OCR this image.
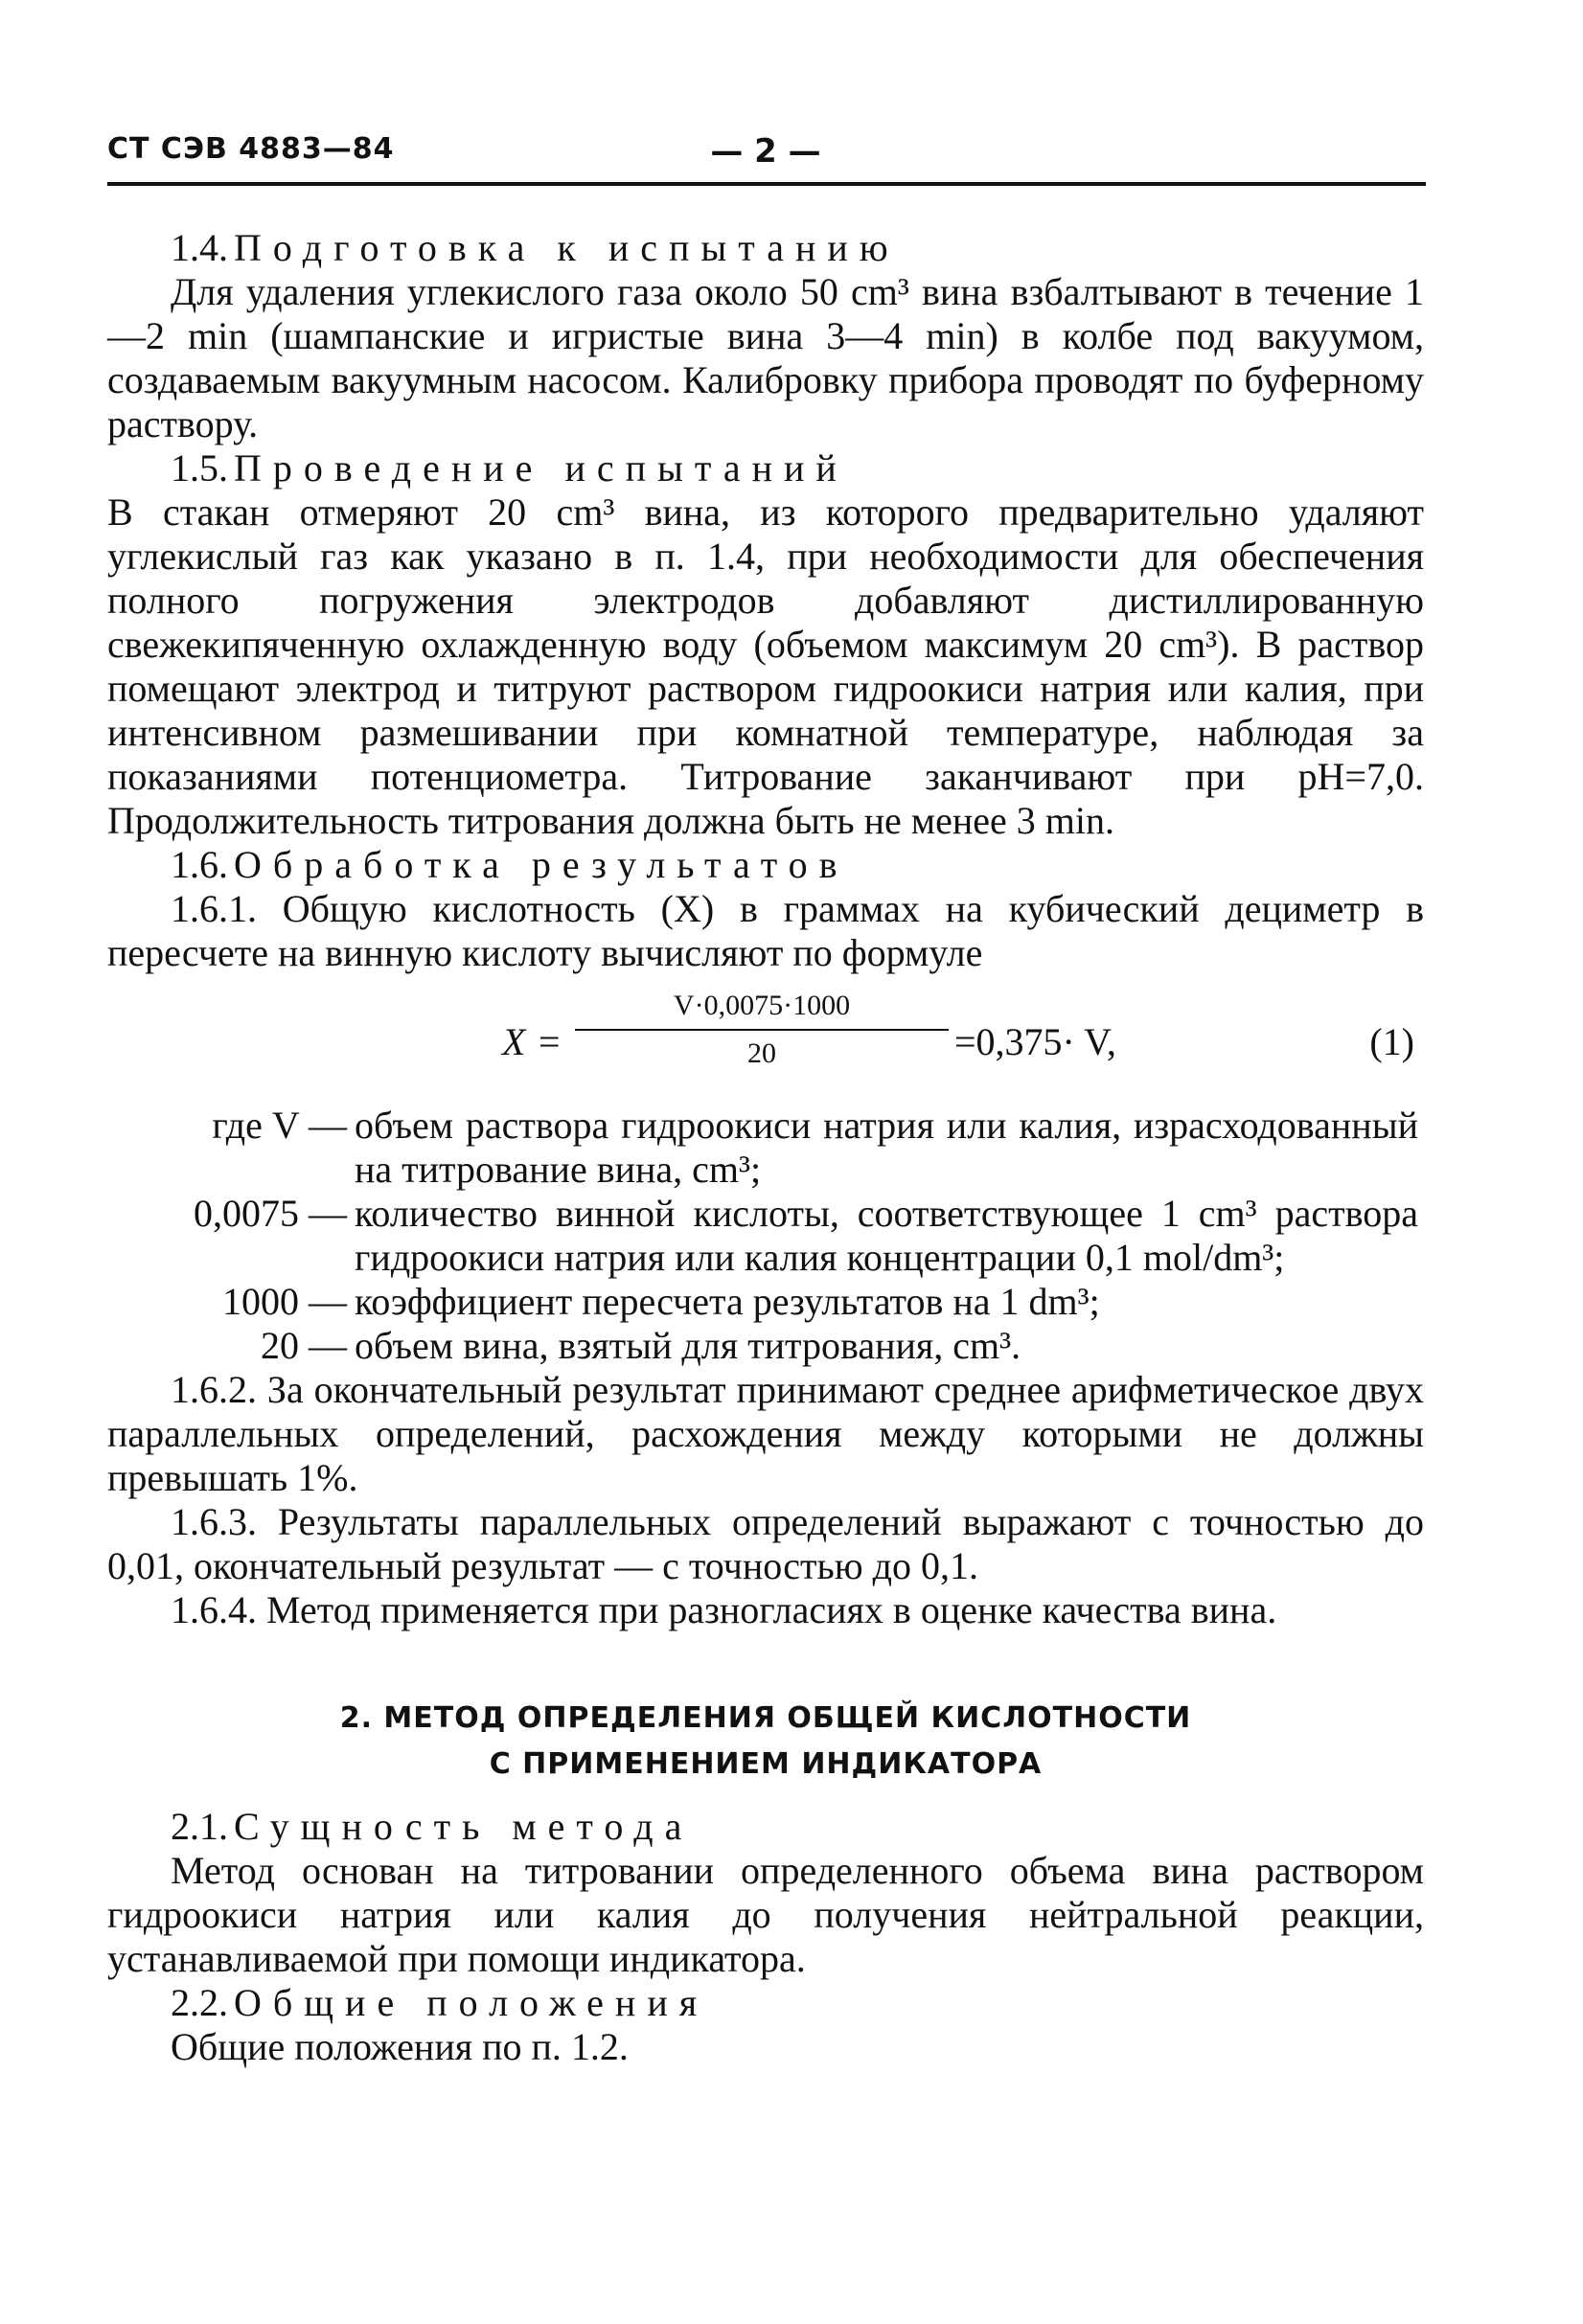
СТ СЭВ 4883—84	— 2 —
1.4. Подготовка к испытанию
Для удаления углекислого газа около 50 cm³ вина взбалтывают в течение 1—2 min (шампанские и игристые вина 3—4 min) в колбе под вакуумом, создаваемым вакуумным насосом. Калибровку прибора проводят по буферному раствору.
1.5. Проведение испытаний
В стакан отмеряют 20 cm³ вина, из которого предварительно удаляют углекислый газ как указано в п. 1.4, при необходимости для обеспечения полного погружения электродов добавляют дистиллированную свежекипяченную охлажденную воду (объемом максимум 20 cm³). В раствор помещают электрод и титруют раствором гидроокиси натрия или калия, при интенсивном размешивании при комнатной температуре, наблюдая за показаниями потенциометра. Титрование заканчивают при pH=7,0. Продолжительность титрования должна быть не менее 3 min.
1.6. Обработка результатов
1.6.1. Общую кислотность (X) в граммах на кубический дециметр в пересчете на винную кислоту вычисляют по формуле
X =
V·0,0075·1000
20	=0,375· V,	(1)
где V — объем раствора гидроокиси натрия или калия, израсходованный на титрование вина, cm³;
0,0075 — количество винной кислоты, соответствующее 1 cm³ раствора гидроокиси натрия или калия концентрации 0,1 mol/dm³;
1000 — коэффициент пересчета результатов на 1 dm³;
20 — объем вина, взятый для титрования, cm³.
1.6.2. За окончательный результат принимают среднее арифметическое двух параллельных определений, расхождения между которыми не должны превышать 1%.
1.6.3. Результаты параллельных определений выражают с точностью до 0,01, окончательный результат — с точностью до 0,1.
1.6.4. Метод применяется при разногласиях в оценке качества вина.
2. МЕТОД ОПРЕДЕЛЕНИЯ ОБЩЕЙ КИСЛОТНОСТИ
С ПРИМЕНЕНИЕМ ИНДИКАТОРА
2.1. Сущность метода
Метод основан на титровании определенного объема вина раствором гидроокиси натрия или калия до получения нейтральной реакции, устанавливаемой при помощи индикатора.
2.2. Общие положения
Общие положения по п. 1.2.
